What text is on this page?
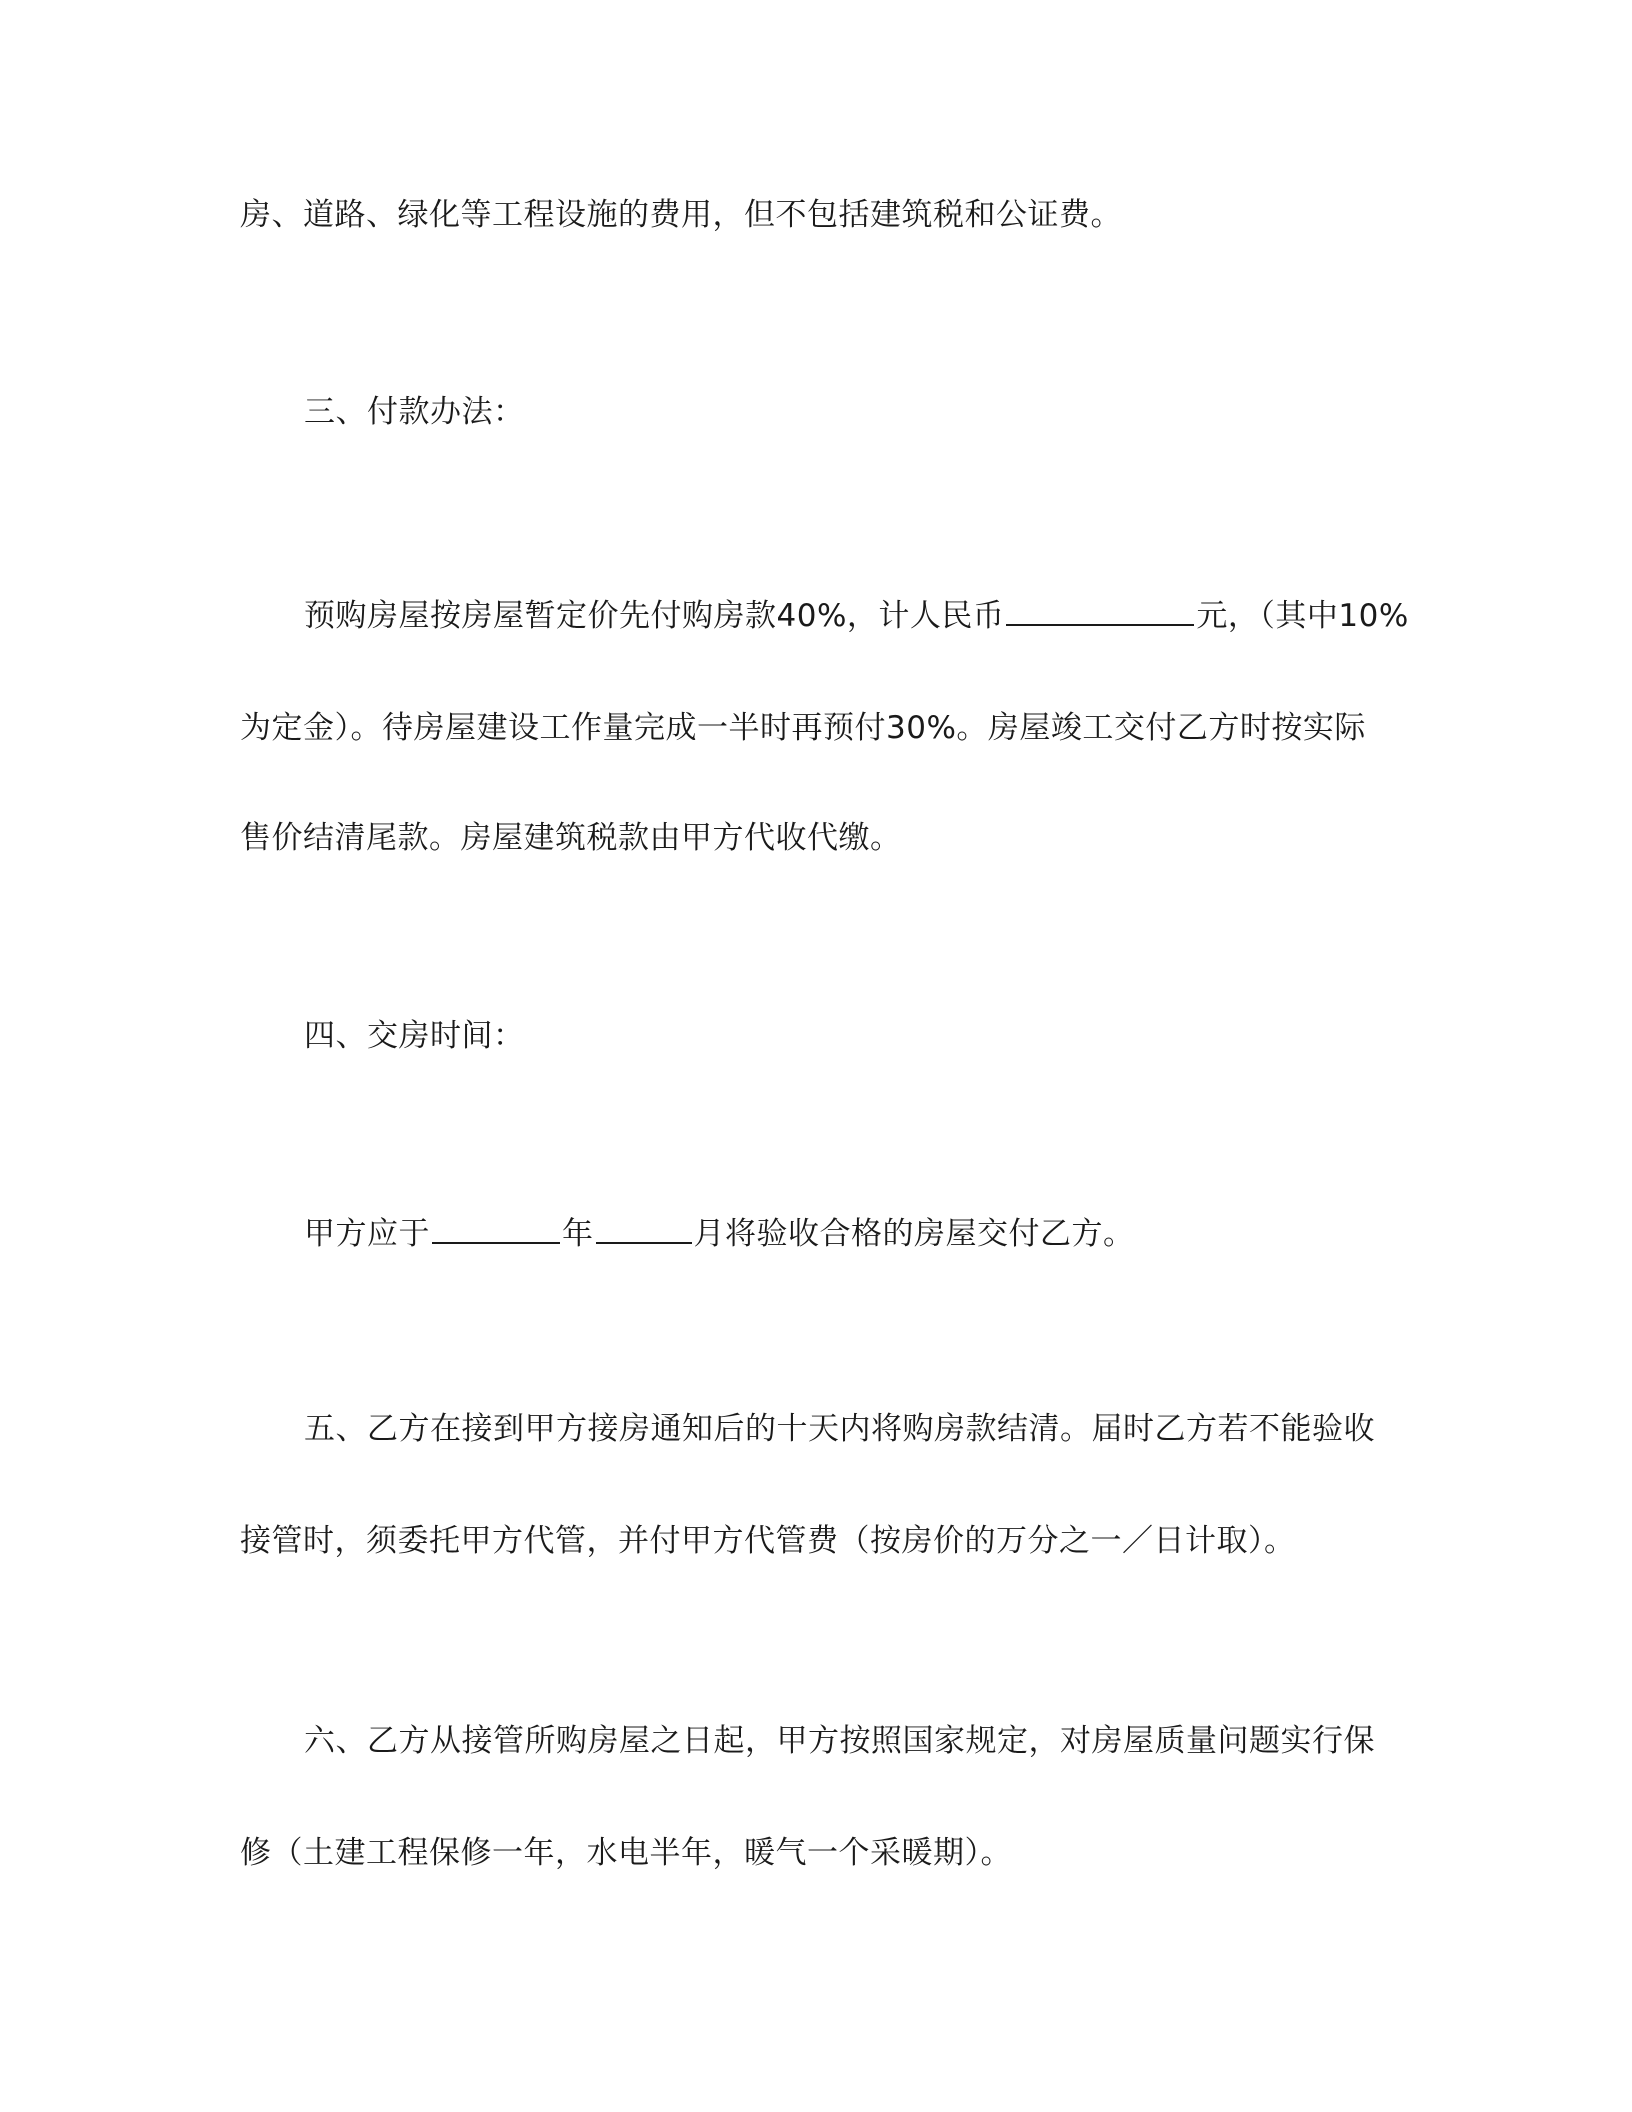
房、道路、绿化等工程设施的费用，但不包括建筑税和公证费。
三、付款办法：
预购房屋按房屋暂定价先付购房款40%，计人民币	元，（其中10%
为定金）。待房屋建设工作量完成一半时再预付30%。房屋竣工交付乙方时按实际
售价结清尾款。房屋建筑税款由甲方代收代缴。
四、交房时间：
甲方应于	年	月将验收合格的房屋交付乙方。
五、乙方在接到甲方接房通知后的十天内将购房款结清。届时乙方若不能验收
接管时，须委托甲方代管，并付甲方代管费（按房价的万分之一／日计取）。
六、乙方从接管所购房屋之日起，甲方按照国家规定，对房屋质量问题实行保
修（土建工程保修一年，水电半年，暖气一个采暖期）。
